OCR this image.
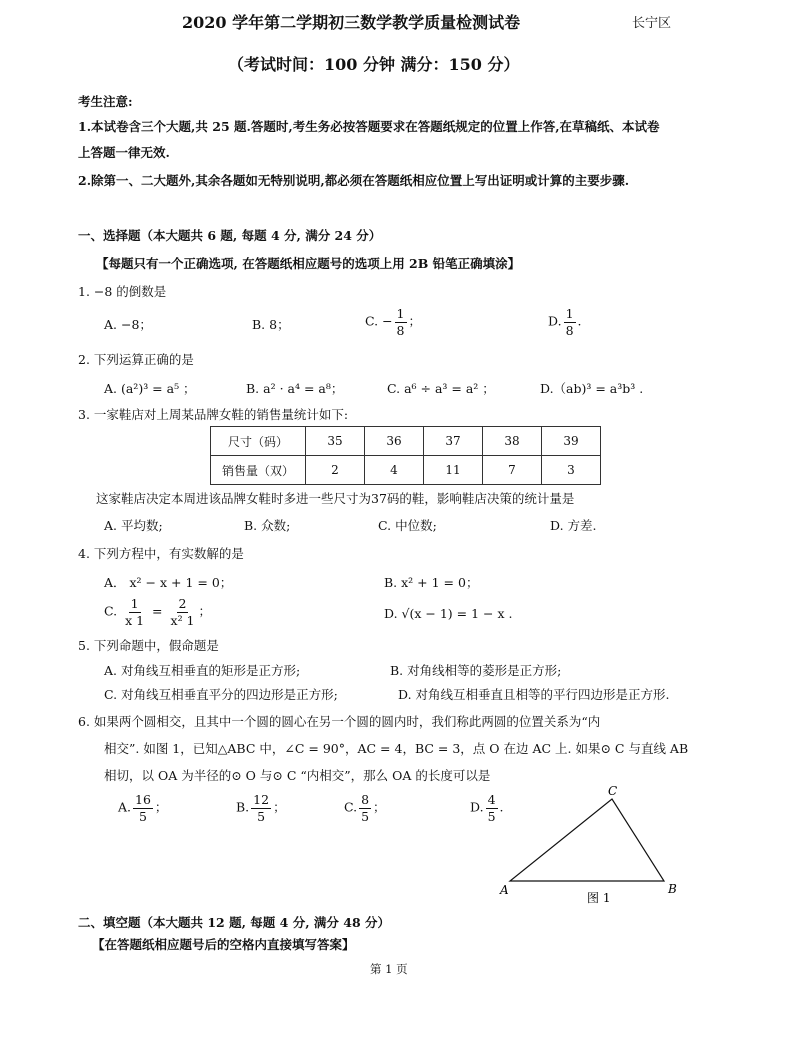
2020 学年第二学期初三数学教学质量检测试卷	长宁区
（考试时间：100 分钟 满分：150 分）
考生注意:
1.本试卷含三个大题,共 25 题.答题时,考生务必按答题要求在答题纸规定的位置上作答,在草稿纸、本试卷
上答题一律无效.
2.除第一、二大题外,其余各题如无特别说明,都必须在答题纸相应位置上写出证明或计算的主要步骤.
一、选择题（本大题共 6 题, 每题 4 分, 满分 24 分）
【每题只有一个正确选项, 在答题纸相应题号的选项上用 2B 铅笔正确填涂】
1. −8 的倒数是
A. −8；	B. 8；	C. − $\frac{1}{8}$ ；	D. $\frac{1}{8}$ .
2. 下列运算正确的是
A. (a²)³ = a⁵ ；	B. a² · a⁴ = a⁸；	C. a⁶ ÷ a³ = a² ；	D.（ab)³ = a³b³ .
3. 一家鞋店对上周某品牌女鞋的销售量统计如下:
尺寸（码）	35	36	37	38	39
销售量（双）	2	4	11	7	3
这家鞋店决定本周进该品牌女鞋时多进一些尺寸为37码的鞋，影响鞋店决策的统计量是
A. 平均数;	B. 众数;	C. 中位数;	D. 方差.
4. 下列方程中，有实数解的是
A． x² − x + 1 = 0；	B. x² + 1 = 0；
C. $\frac{1}{x 1} = \frac{2}{\text{x² 1}}$ ；	D. √(x − 1) = 1 − x .
5. 下列命题中，假命题是
A. 对角线互相垂直的矩形是正方形;	B. 对角线相等的菱形是正方形;
C. 对角线互相垂直平分的四边形是正方形;	D. 对角线互相垂直且相等的平行四边形是正方形.
6. 如果两个圆相交，且其中一个圆的圆心在另一个圆的圆内时，我们称此两圆的位置关系为“内
相交”. 如图 1，已知△ABC 中，∠C = 90°，AC = 4，BC = 3，点 O 在边 AC 上. 如果⊙ C 与直线 AB
相切，以 OA 为半径的⊙ O 与⊙ C “内相交”，那么 OA 的长度可以是
A. $\frac{16}{5}$ ；	B. $\frac{12}{5}$ ；	C. $\frac{8}{5}$ ；	D. $\frac{4}{5}$ .
A	B
C
图 1
二、填空题（本大题共 12 题, 每题 4 分, 满分 48 分）
【在答题纸相应题号后的空格内直接填写答案】
第 1 页
